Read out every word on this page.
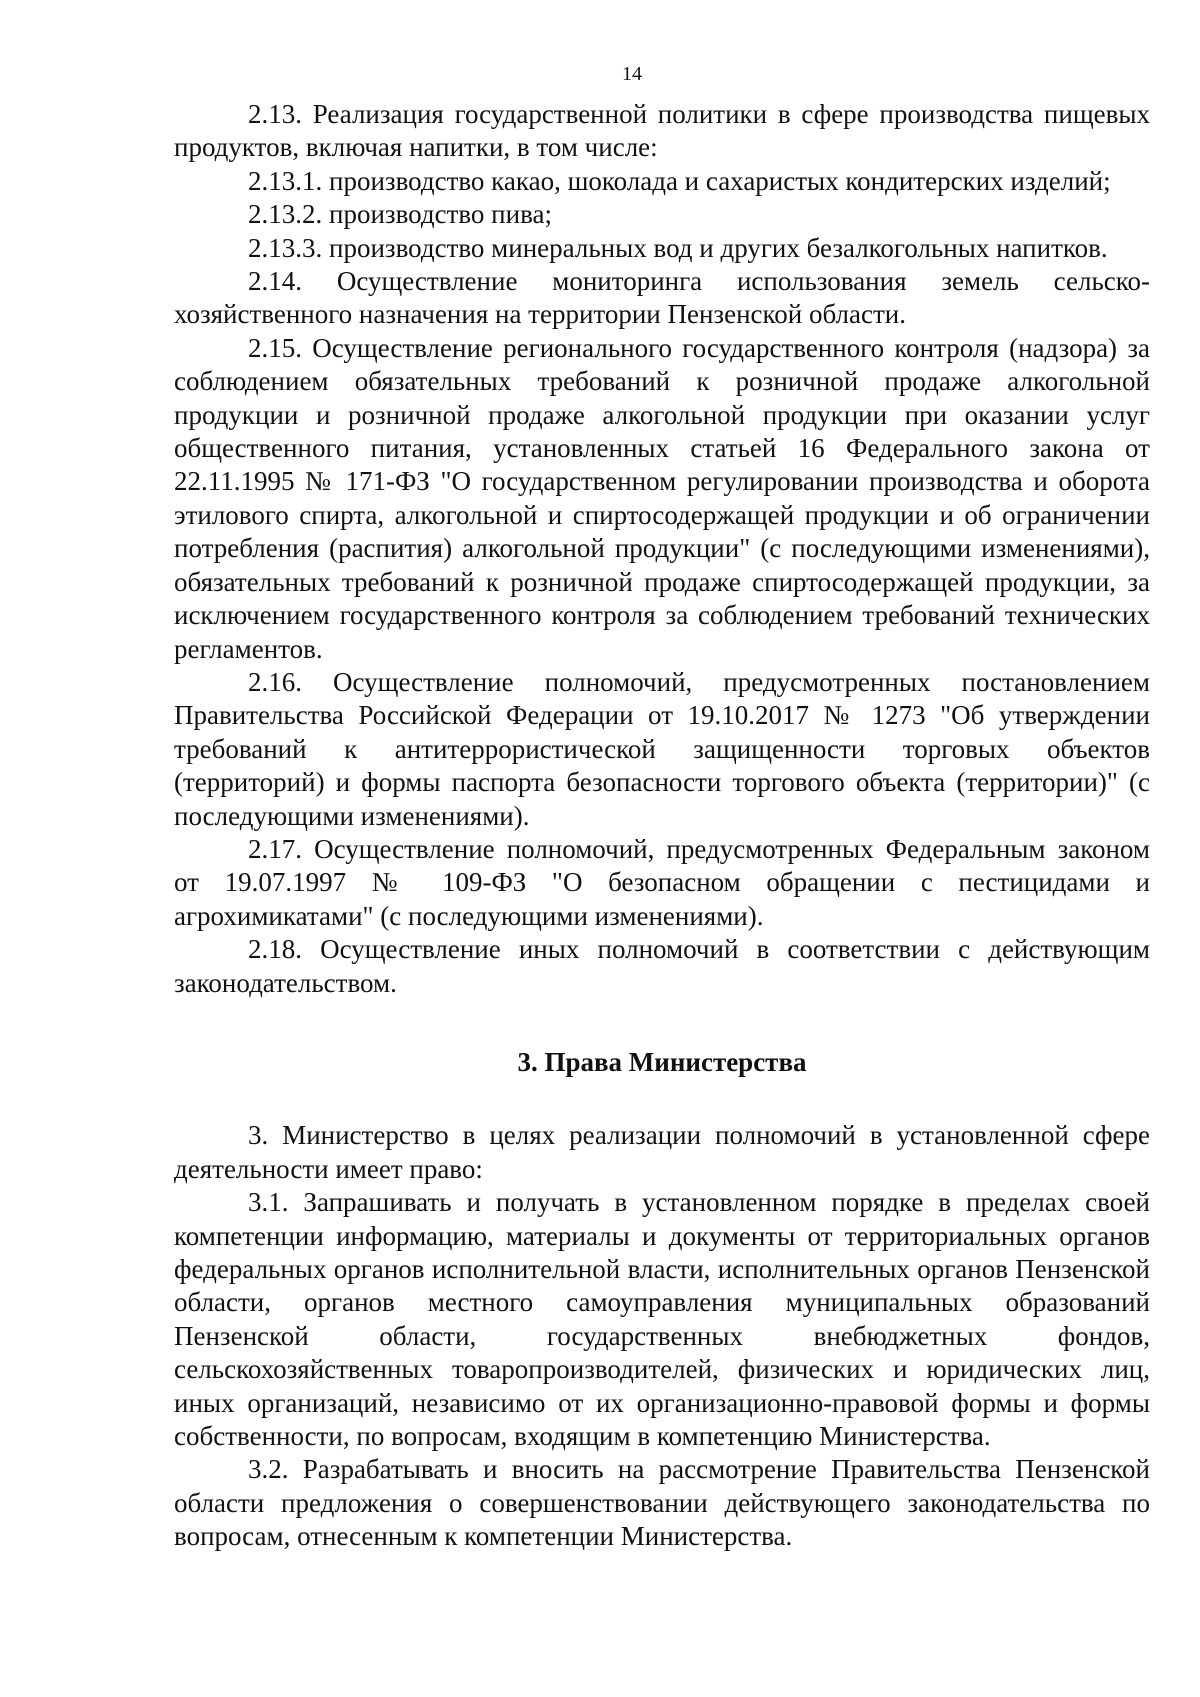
14

2.13. Реализация государственной политики в сфере производства пищевых продуктов, включая напитки, в том числе:

2.13.1. производство какао, шоколада и сахаристых кондитерских изделий;

2.13.2. производство пива;

2.13.3. производство минеральных вод и других безалкогольных напитков.

2.14. Осуществление мониторинга использования земель сельско-хозяйственного назначения на территории Пензенской области.

2.15. Осуществление регионального государственного контроля (надзора) за соблюдением обязательных требований к розничной продаже алкогольной продукции и розничной продаже алкогольной продукции при оказании услуг общественного питания, установленных статьей 16 Федерального закона от 22.11.1995 № 171-ФЗ "О государственном регулировании производства и оборота этилового спирта, алкогольной и спиртосодержащей продукции и об ограничении потребления (распития) алкогольной продукции" (с последующими изменениями), обязательных требований к розничной продаже спиртосодержащей продукции, за исключением государственного контроля за соблюдением требований технических регламентов.

2.16. Осуществление полномочий, предусмотренных постановлением Правительства Российской Федерации от 19.10.2017 № 1273 "Об утверждении требований к антитеррористической защищенности торговых объектов (территорий) и формы паспорта безопасности торгового объекта (территории)" (с последующими изменениями).

2.17. Осуществление полномочий, предусмотренных Федеральным законом от 19.07.1997 № 109-ФЗ "О безопасном обращении с пестицидами и агрохимикатами" (с последующими изменениями).

2.18. Осуществление иных полномочий в соответствии с действующим законодательством.

3. Права Министерства

3. Министерство в целях реализации полномочий в установленной сфере деятельности имеет право:

3.1. Запрашивать и получать в установленном порядке в пределах своей компетенции информацию, материалы и документы от территориальных органов федеральных органов исполнительной власти, исполнительных органов Пензенской области, органов местного самоуправления муниципальных образований Пензенской области, государственных внебюджетных фондов, сельскохозяйственных товаропроизводителей, физических и юридических лиц, иных организаций, независимо от их организационно-правовой формы и формы собственности, по вопросам, входящим в компетенцию Министерства.

3.2. Разрабатывать и вносить на рассмотрение Правительства Пензенской области предложения о совершенствовании действующего законодательства по вопросам, отнесенным к компетенции Министерства.
